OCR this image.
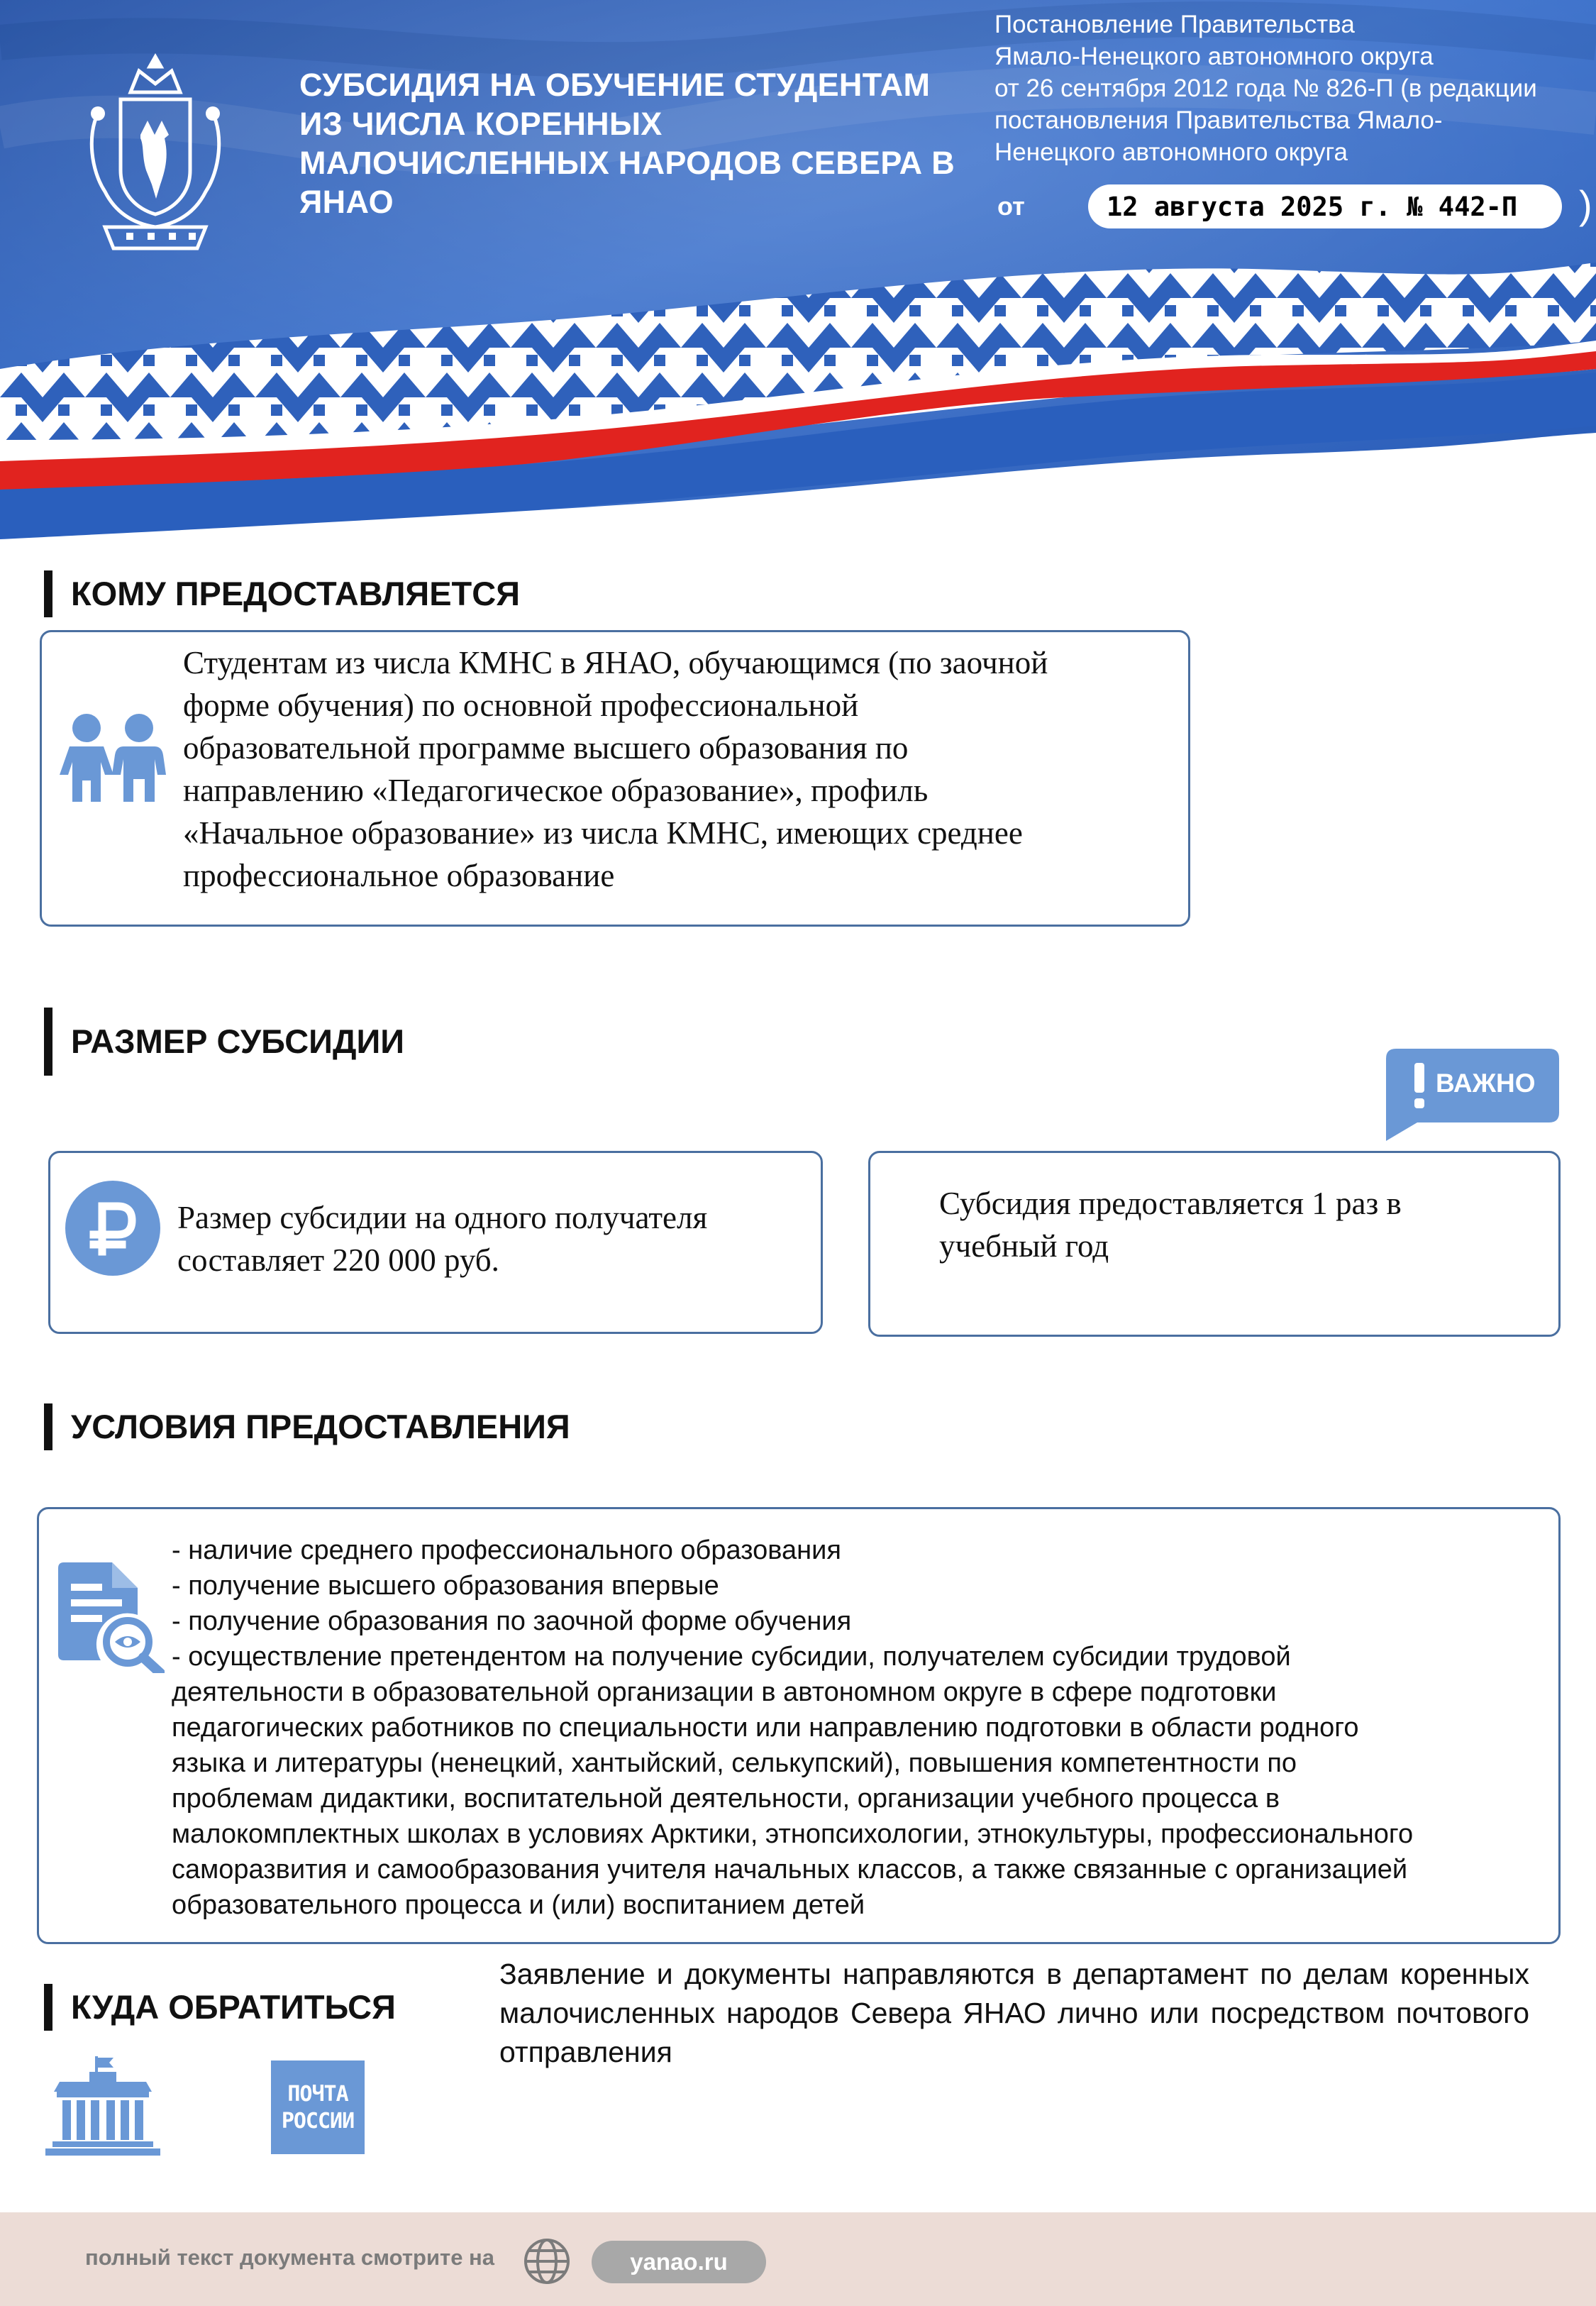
СУБСИДИЯ НА ОБУЧЕНИЕ СТУДЕНТАМ
ИЗ ЧИСЛА КОРЕННЫХ
МАЛОЧИСЛЕННЫХ НАРОДОВ СЕВЕРА В
ЯНАО

Постановление Правительства
Ямало-Ненецкого автономного округа
от 26 сентября 2012 года № 826-П (в редакции
постановления Правительства Ямало-
Ненецкого автономного округа

от	12 августа 2025 г. № 442-П )
КОМУ ПРЕДОСТАВЛЯЕТСЯ

Студентам из числа КМНС в ЯНАО, обучающимся (по заочной
форме обучения) по основной профессиональной
образовательной программе высшего образования по
направлению «Педагогическое образование», профиль
«Начальное образование» из числа КМНС, имеющих среднее
профессиональное образование

РАЗМЕР СУБСИДИИ
ВАЖНО

Размер субсидии на одного получателя
составляет 220 000 руб.

Субсидия предоставляется 1 раз в
учебный год

УСЛОВИЯ ПРЕДОСТАВЛЕНИЯ
- наличие среднего профессионального образования
- получение высшего образования впервые
- получение образования по заочной форме обучения
- осуществление претендентом на получение субсидии, получателем субсидии трудовой
деятельности в образовательной организации в автономном округе в сфере подготовки
педагогических работников по специальности или направлению подготовки в области родного
языка и литературы (ненецкий, хантыйский, селькупский), повышения компетентности по
проблемам дидактики, воспитательной деятельности, организации учебного процесса в
малокомплектных школах в условиях Арктики, этнопсихологии, этнокультуры, профессионального
саморазвития и самообразования учителя начальных классов, а также связанные с организацией
образовательного процесса и (или) воспитанием детей
КУДА ОБРАТИТЬСЯ
ПОЧТА
РОССИИ

Заявление и документы направляются в департамент по делам коренных малочисленных народов Севера ЯНАО лично или посредством почтового отправления

полный текст документа смотрите на	yanao.ru
